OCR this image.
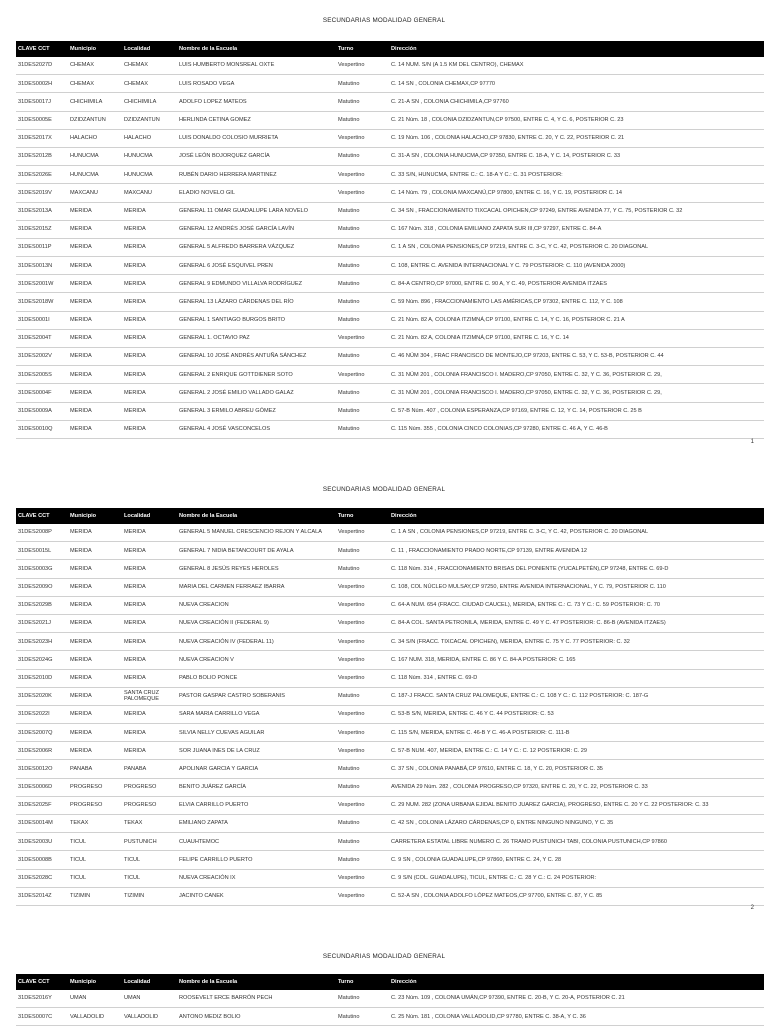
SECUNDARIAS MODALIDAD GENERAL
CLAVE CCT	Municipio	Localidad	Nombre de la Escuela	Turno	Dirección
31DES2027D	CHEMAX	CHEMAX	LUIS HUMBERTO MONSREAL OXTE	Vespertino	C. 14 NUM. S/N (A 1.5 KM DEL CENTRO), CHEMAX
31DES0002H	CHEMAX	CHEMAX	LUIS ROSADO VEGA	Matutino	C. 14 SN , COLONIA CHEMAX,CP 97770
31DES0017J	CHICHIMILA	CHICHIMILA	ADOLFO LOPEZ MATEOS	Matutino	C. 21-A SN , COLONIA CHICHIMILA,CP 97760
31DES0005E	DZIDZANTUN	DZIDZANTUN	HERLINDA CETINA GOMEZ	Matutino	C. 21 Núm. 18 , COLONIA DZIDZANTUN,CP 97500, ENTRE C. 4, Y C. 6, POSTERIOR C. 23
31DES2017X	HALACHO	HALACHO	LUIS DONALDO COLOSIO MURRIETA	Vespertino	C. 19 Núm. 106 , COLONIA HALACHO,CP 97830, ENTRE C. 20, Y C. 22, POSTERIOR C. 21
31DES2012B	HUNUCMA	HUNUCMA	JOSÉ LEÓN BOJORQUEZ GARCÍA	Matutino	C. 31-A SN , COLONIA HUNUCMA,CP 97350, ENTRE C. 18-A, Y C. 14, POSTERIOR C. 33
31DES2026E	HUNUCMA	HUNUCMA	RUBÉN DARIO HERRERA MARTINEZ	Vespertino	C. 33 S/N, HUNUCMA, ENTRE C.: C. 18-A Y C.: C. 31 POSTERIOR:
31DES2019V	MAXCANU	MAXCANU	ELADIO NOVELO GIL	Vespertino	C. 14 Núm. 79 , COLONIA MAXCANÚ,CP 97800, ENTRE C. 16, Y C. 19, POSTERIOR C. 14
31DES2013A	MERIDA	MERIDA	GENERAL 11 OMAR GUADALUPE LARA NOVELO	Matutino	C. 34 SN , FRACCIONAMIENTO TIXCACAL OPICHEN,CP 97249, ENTRE AVENIDA 77, Y C. 75, POSTERIOR C. 32
31DES2015Z	MERIDA	MERIDA	GENERAL 12 ANDRÉS JOSÉ GARCÍA LAVÍN	Matutino	C. 167 Núm. 318 , COLONIA EMILIANO ZAPATA SUR III,CP 97297, ENTRE C. 84-A
31DES0011P	MERIDA	MERIDA	GENERAL 5 ALFREDO BARRERA VÁZQUEZ	Matutino	C. 1 A SN , COLONIA PENSIONES,CP 97219, ENTRE C. 3-C, Y C. 42, POSTERIOR C. 20 DIAGONAL
31DES0013N	MERIDA	MERIDA	GENERAL 6 JOSÉ ESQUIVEL PREN	Matutino	C. 108, ENTRE C. AVENIDA INTERNACIONAL Y C. 79 POSTERIOR: C. 110 (AVENIDA 2000)
31DES2001W	MERIDA	MERIDA	GENERAL 9 EDMUNDO VILLALVA RODRÍGUEZ	Matutino	C. 84-A CENTRO,CP 97000, ENTRE C. 90 A, Y C. 49, POSTERIOR AVENIDA ITZAES
31DES2018W	MERIDA	MERIDA	GENERAL 13 LÁZARO CÁRDENAS DEL RÍO	Matutino	C. 59 Núm. 896 , FRACCIONAMIENTO LAS AMÉRICAS,CP 97302, ENTRE C. 112, Y C. 108
31DES0001I	MERIDA	MERIDA	GENERAL 1 SANTIAGO BURGOS BRITO	Matutino	C. 21 Núm. 82 A, COLONIA ITZIMNÁ,CP 97100, ENTRE C. 14, Y C. 16, POSTERIOR C. 21 A
31DES2004T	MERIDA	MERIDA	GENERAL 1. OCTAVIO PAZ	Vespertino	C. 21 Núm. 82 A, COLONIA ITZIMNÁ,CP 97100, ENTRE C. 16, Y C. 14
31DES2002V	MERIDA	MERIDA	GENERAL 10 JOSÉ ANDRÉS ANTUÑA SÁNCHEZ	Matutino	C. 46 NÚM 304 , FRAC FRANCISCO DE MONTEJO,CP 97203, ENTRE C. 53, Y C. 53-B, POSTERIOR C. 44
31DES2005S	MERIDA	MERIDA	GENERAL 2 ENRIQUE GOTTDIENER SOTO	Vespertino	C. 31 NÚM 201 , COLONIA FRANCISCO I. MADERO,CP 97050, ENTRE C. 32, Y C. 36, POSTERIOR C. 29,
31DES0004F	MERIDA	MERIDA	GENERAL 2 JOSÉ EMILIO VALLADO GALAZ	Matutino	C. 31 NÚM 201 , COLONIA FRANCISCO I. MADERO,CP 97050, ENTRE C. 32, Y C. 36, POSTERIOR C. 29,
31DES0009A	MERIDA	MERIDA	GENERAL 3 ERMILO ABREU GÓMEZ	Matutino	C. 57-B Núm. 407 , COLONIA ESPERANZA,CP 97169, ENTRE C. 12, Y C. 14, POSTERIOR C. 25 B
31DES0010Q	MERIDA	MERIDA	GENERAL 4 JOSÉ VASCONCELOS	Matutino	C. 115 Núm. 355 , COLONIA CINCO COLONIAS,CP 97280, ENTRE C. 46 A, Y C. 46-B
1
SECUNDARIAS MODALIDAD GENERAL
CLAVE CCT	Municipio	Localidad	Nombre de la Escuela	Turno	Dirección
31DES2008P	MERIDA	MERIDA	GENERAL 5 MANUEL CRESCENCIO REJON Y ALCALA	Vespertino	C. 1 A SN , COLONIA PENSIONES,CP 97219, ENTRE C. 3-C, Y C. 42, POSTERIOR C. 20 DIAGONAL
31DES0015L	MERIDA	MERIDA	GENERAL 7 NIDIA BETANCOURT DE AYALA	Matutino	C. 11 , FRACCIONAMIENTO PRADO NORTE,CP 97139, ENTRE AVENIDA 12
31DES0003G	MERIDA	MERIDA	GENERAL 8 JESÚS REYES HEROLES	Matutino	C. 118 Núm. 314 , FRACCIONAMIENTO BRISAS DEL PONIENTE (YUCALPETÉN),CP 97248, ENTRE C. 69-D
31DES2009O	MERIDA	MERIDA	MARIA DEL CARMEN FERRAEZ IBARRA	Vespertino	C. 108, COL NÚCLEO MULSAY,CP 97250, ENTRE AVENIDA INTERNACIONAL, Y C. 79, POSTERIOR C. 110
31DES2029B	MERIDA	MERIDA	NUEVA CREACION	Vespertino	C. 64-A NUM. 654 (FRACC. CIUDAD CAUCEL), MERIDA, ENTRE C.: C. 73 Y C.: C. 59 POSTERIOR: C. 70
31DES2021J	MERIDA	MERIDA	NUEVA CREACIÓN II (FEDERAL 9)	Vespertino	C. 84-A COL. SANTA PETRONILA, MERIDA, ENTRE C. 49 Y C. 47 POSTERIOR: C. 86-B (AVENIDA ITZAES)
31DES2023H	MERIDA	MERIDA	NUEVA CREACIÓN IV (FEDERAL 11)	Vespertino	C. 34 S/N (FRACC. TIXCACAL OPICHEN), MERIDA, ENTRE C. 75 Y C. 77 POSTERIOR: C. 32
31DES2024G	MERIDA	MERIDA	NUEVA CREACION V	Vespertino	C. 167 NUM. 318, MERIDA, ENTRE C. 86 Y C. 84-A POSTERIOR: C. 165
31DES2010D	MERIDA	MERIDA	PABLO BOLIO PONCE	Vespertino	C. 118 Núm. 314 , ENTRE C. 69-D
31DES2020K	MERIDA	SANTA CRUZ PALOMEQUE	PASTOR GASPAR CASTRO SOBERANIS	Matutino	C. 187-J FRACC. SANTA CRUZ PALOMEQUE, ENTRE C.: C. 108 Y C.: C. 112 POSTERIOR: C. 187-G
31DES2022I	MERIDA	MERIDA	SARA MARIA CARRILLO VEGA	Vespertino	C. 53-B S/N, MERIDA, ENTRE C. 46 Y C. 44 POSTERIOR: C. 53
31DES2007Q	MERIDA	MERIDA	SILVIA NELLY CUEVAS AGUILAR	Vespertino	C. 115 S/N, MERIDA, ENTRE C. 46-B Y C. 46-A POSTERIOR: C. 111-B
31DES2006R	MERIDA	MERIDA	SOR JUANA INES DE LA CRUZ	Vespertino	C. 57-B NUM. 407, MERIDA, ENTRE C.: C. 14 Y C.: C. 12 POSTERIOR: C. 29
31DES0012O	PANABA	PANABA	APOLINAR GARCIA Y GARCIA	Matutino	C. 37 SN , COLONIA PANABÁ,CP 97610, ENTRE C. 18, Y C. 20, POSTERIOR C. 35
31DES0006D	PROGRESO	PROGRESO	BENITO JUÁREZ GARCÍA	Matutino	AVENIDA 29 Núm. 282 , COLONIA PROGRESO,CP 97320, ENTRE C. 20, Y C. 22, POSTERIOR C. 33
31DES2025F	PROGRESO	PROGRESO	ELVIA CARRILLO PUERTO	Vespertino	C. 29 NUM. 282 (ZONA URBANA EJIDAL BENITO JUAREZ GARCIA), PROGRESO, ENTRE C. 20 Y C. 22 POSTERIOR: C. 33
31DES0014M	TEKAX	TEKAX	EMILIANO ZAPATA	Matutino	C. 42 SN , COLONIA LÁZARO CÁRDENAS,CP 0, ENTRE NINGUNO NINGUNO, Y C. 35
31DES2003U	TICUL	PUSTUNICH	CUAUHTEMOC	Matutino	CARRETERA ESTATAL LIBRE NUMERO C. 26 TRAMO PUSTUNICH TABI, COLONIA PUSTUNICH,CP 97860
31DES0008B	TICUL	TICUL	FELIPE CARRILLO PUERTO	Matutino	C. 9 SN , COLONIA GUADALUPE,CP 97860, ENTRE C. 24, Y C. 28
31DES2028C	TICUL	TICUL	NUEVA CREACIÓN IX	Vespertino	C. 9 S/N (COL. GUADALUPE), TICUL, ENTRE C.: C. 28 Y C.: C. 24 POSTERIOR:
31DES2014Z	TIZIMIN	TIZIMIN	JACINTO CANEK	Vespertino	C. 52-A SN , COLONIA ADOLFO LÓPEZ MATEOS,CP 97700, ENTRE C. 87, Y C. 85
2
SECUNDARIAS MODALIDAD GENERAL
CLAVE CCT	Municipio	Localidad	Nombre de la Escuela	Turno	Dirección
31DES2016Y	UMAN	UMAN	ROOSEVELT ERCE BARRÓN PECH	Matutino	C. 23 Núm. 109 , COLONIA UMÁN,CP 97390, ENTRE C. 20-B, Y C. 20-A, POSTERIOR C. 21
31DES0007C	VALLADOLID	VALLADOLID	ANTONO MEDIZ BOLIO	Matutino	C. 25 Núm. 181 , COLONIA VALLADOLID,CP 97780, ENTRE C. 38-A, Y C. 36
